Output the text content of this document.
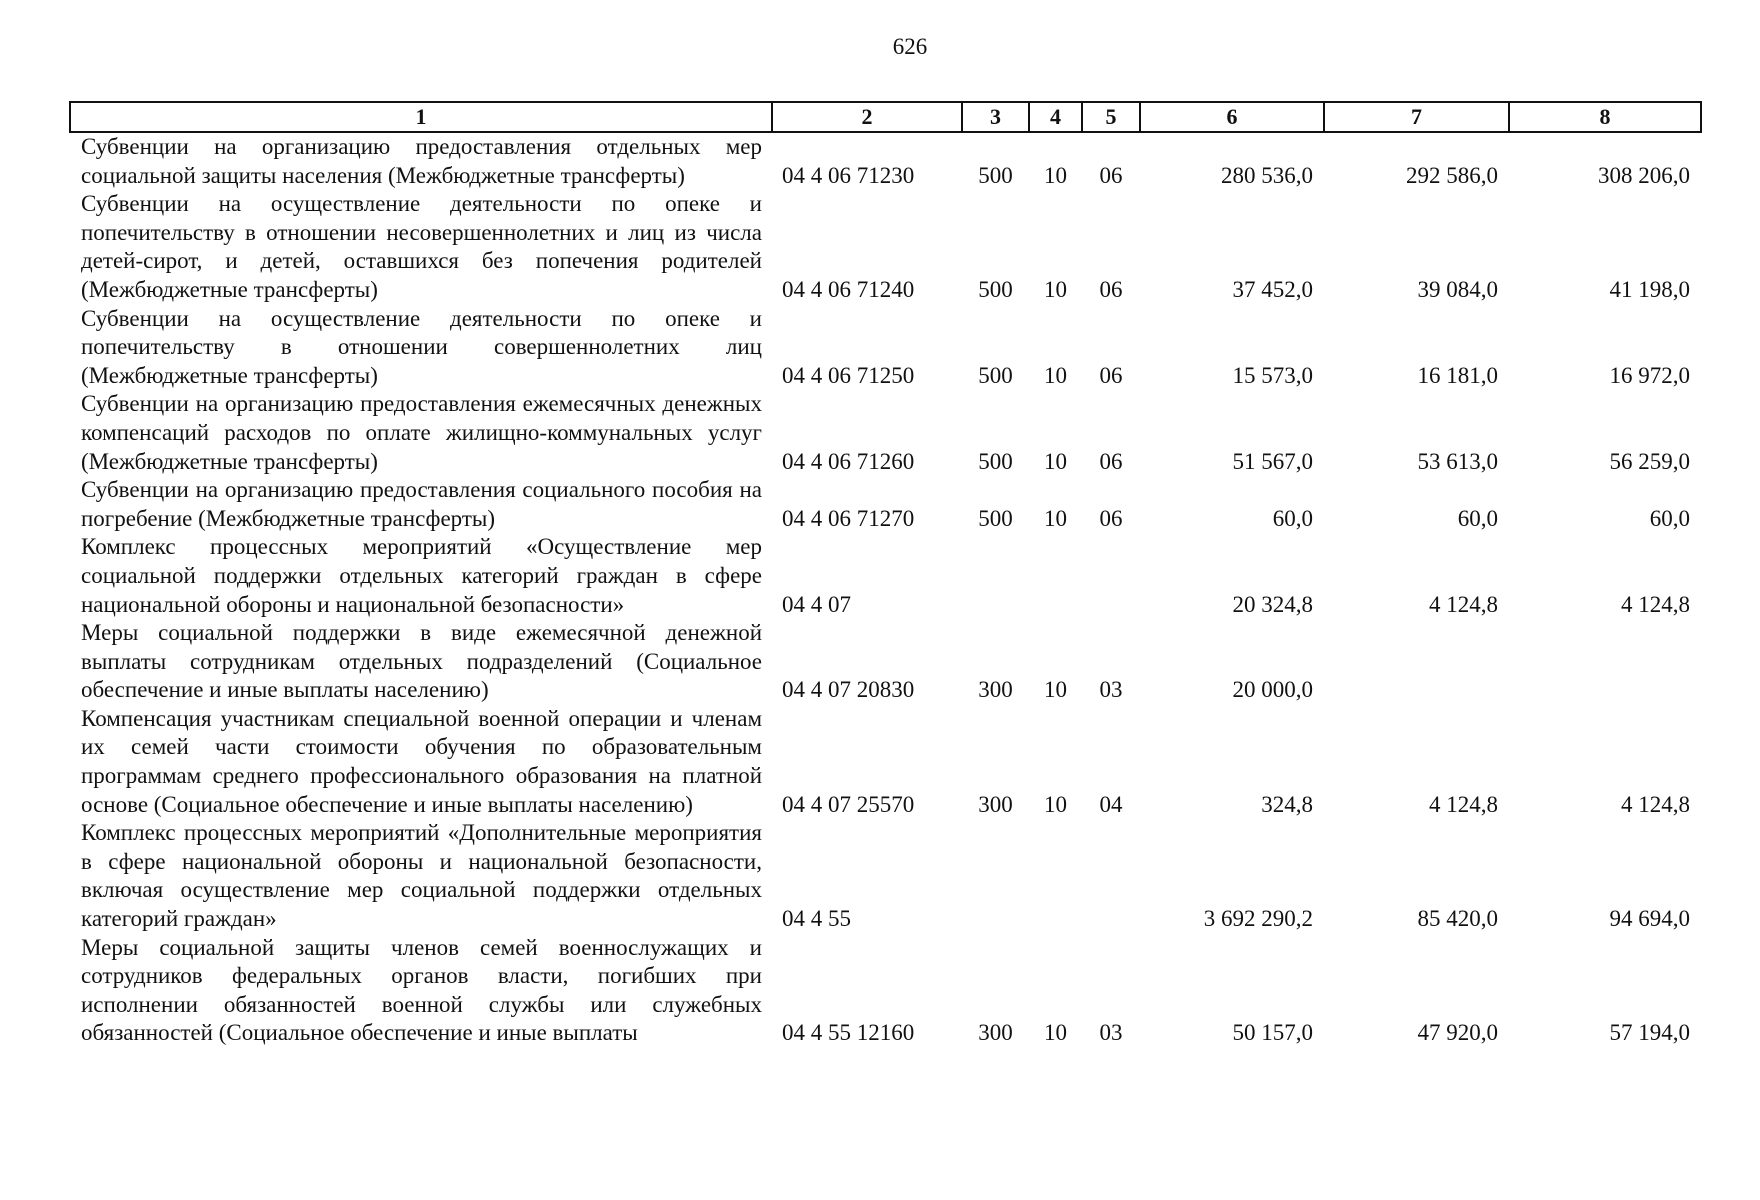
626
1	2	3	4	5	6	7	8
Субвенции на организацию предоставления отдельных мер социальной защиты населения (Межбюджетные трансферты)	04 4 06 71230	500	10	06	280 536,0	292 586,0	308 206,0
Субвенции на осуществление деятельности по опеке и попечительству в отношении несовершеннолетних и лиц из числа детей-сирот, и детей, оставшихся без попечения родителей (Межбюджетные трансферты)	04 4 06 71240	500	10	06	37 452,0	39 084,0	41 198,0
Субвенции на осуществление деятельности по опеке и попечительству в отношении совершеннолетних лиц (Межбюджетные трансферты)	04 4 06 71250	500	10	06	15 573,0	16 181,0	16 972,0
Субвенции на организацию предоставления ежемесячных денежных компенсаций расходов по оплате жилищно-коммунальных услуг (Межбюджетные трансферты)	04 4 06 71260	500	10	06	51 567,0	53 613,0	56 259,0
Субвенции на организацию предоставления социального пособия на погребение (Межбюджетные трансферты)	04 4 06 71270	500	10	06	60,0	60,0	60,0
Комплекс процессных мероприятий «Осуществление мер социальной поддержки отдельных категорий граждан в сфере национальной обороны и национальной безопасности»	04 4 07				20 324,8	4 124,8	4 124,8
Меры социальной поддержки в виде ежемесячной денежной выплаты сотрудникам отдельных подразделений (Социальное обеспечение и иные выплаты населению)	04 4 07 20830	300	10	03	20 000,0		
Компенсация участникам специальной военной операции и членам их семей части стоимости обучения по образовательным программам среднего профессионального образования на платной основе (Социальное обеспечение и иные выплаты населению)	04 4 07 25570	300	10	04	324,8	4 124,8	4 124,8
Комплекс процессных мероприятий «Дополнительные мероприятия в сфере национальной обороны и национальной безопасности, включая осуществление мер социальной поддержки отдельных категорий граждан»	04 4 55				3 692 290,2	85 420,0	94 694,0
Меры социальной защиты членов семей военнослужащих и сотрудников федеральных органов власти, погибших при исполнении обязанностей военной службы или служебных обязанностей (Социальное обеспечение и иные выплаты	04 4 55 12160	300	10	03	50 157,0	47 920,0	57 194,0
